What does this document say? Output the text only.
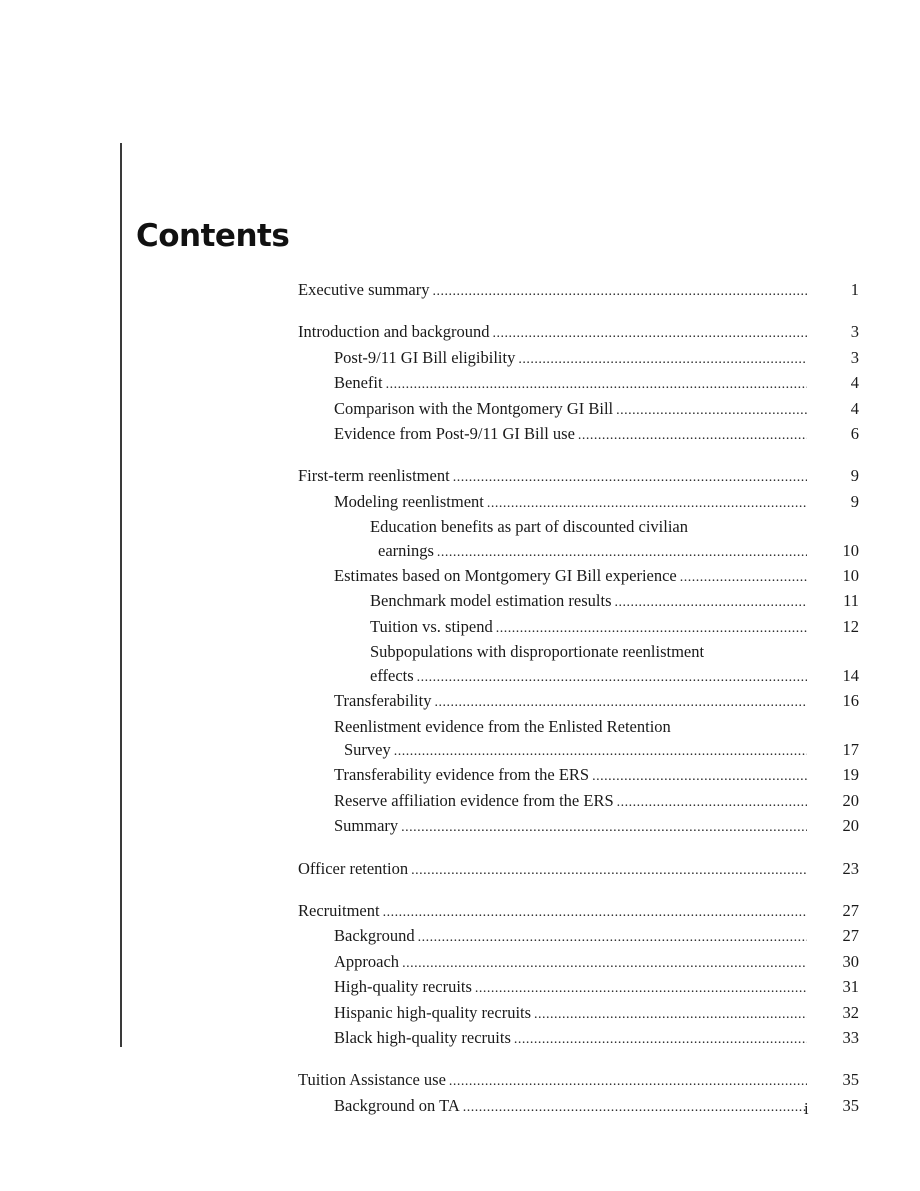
Contents
Executive summary .....	1
Introduction and background .....	3
Post-9/11 GI Bill eligibility .....	3
Benefit .....	4
Comparison with the Montgomery GI Bill .....	4
Evidence from Post-9/11 GI Bill use .....	6
First-term reenlistment .....	9
Modeling reenlistment .....	9
Education benefits as part of discounted civilian
earnings .....	10
Estimates based on Montgomery GI Bill experience .....	10
Benchmark model estimation results .....	11
Tuition vs. stipend .....	12
Subpopulations with disproportionate reenlistment
effects .....	14
Transferability .....	16
Reenlistment evidence from the Enlisted Retention
Survey .....	17
Transferability evidence from the ERS .....	19
Reserve affiliation evidence from the ERS .....	20
Summary .....	20
Officer retention .....	23
Recruitment .....	27
Background .....	27
Approach .....	30
High-quality recruits .....	31
Hispanic high-quality recruits .....	32
Black high-quality recruits .....	33
Tuition Assistance use .....	35
Background on TA .....	35
i
